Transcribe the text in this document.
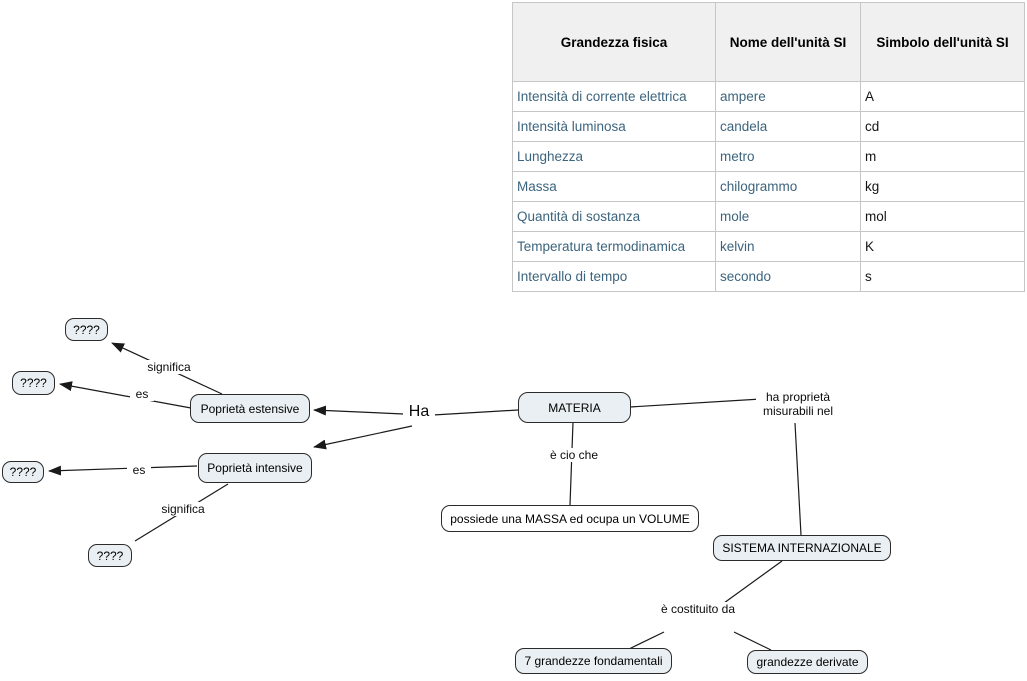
significa
es
Ha
es
significa
è cio che
ha proprietà misurabili nel
è costituito da
????
????
Poprietà estensive
????	Poprietà intensive
????
MATERIA
possiede una MASSA ed ocupa un VOLUME
SISTEMA INTERNAZIONALE
7 grandezze fondamentali	grandezze derivate
Grandezza fisica	Nome dell'unità SI	Simbolo dell'unità SI
Intensità di corrente elettrica	ampere	A
Intensità luminosa	candela	cd
Lunghezza	metro	m
Massa	chilogrammo	kg
Quantità di sostanza	mole	mol
Temperatura termodinamica	kelvin	K
Intervallo di tempo	secondo	s
